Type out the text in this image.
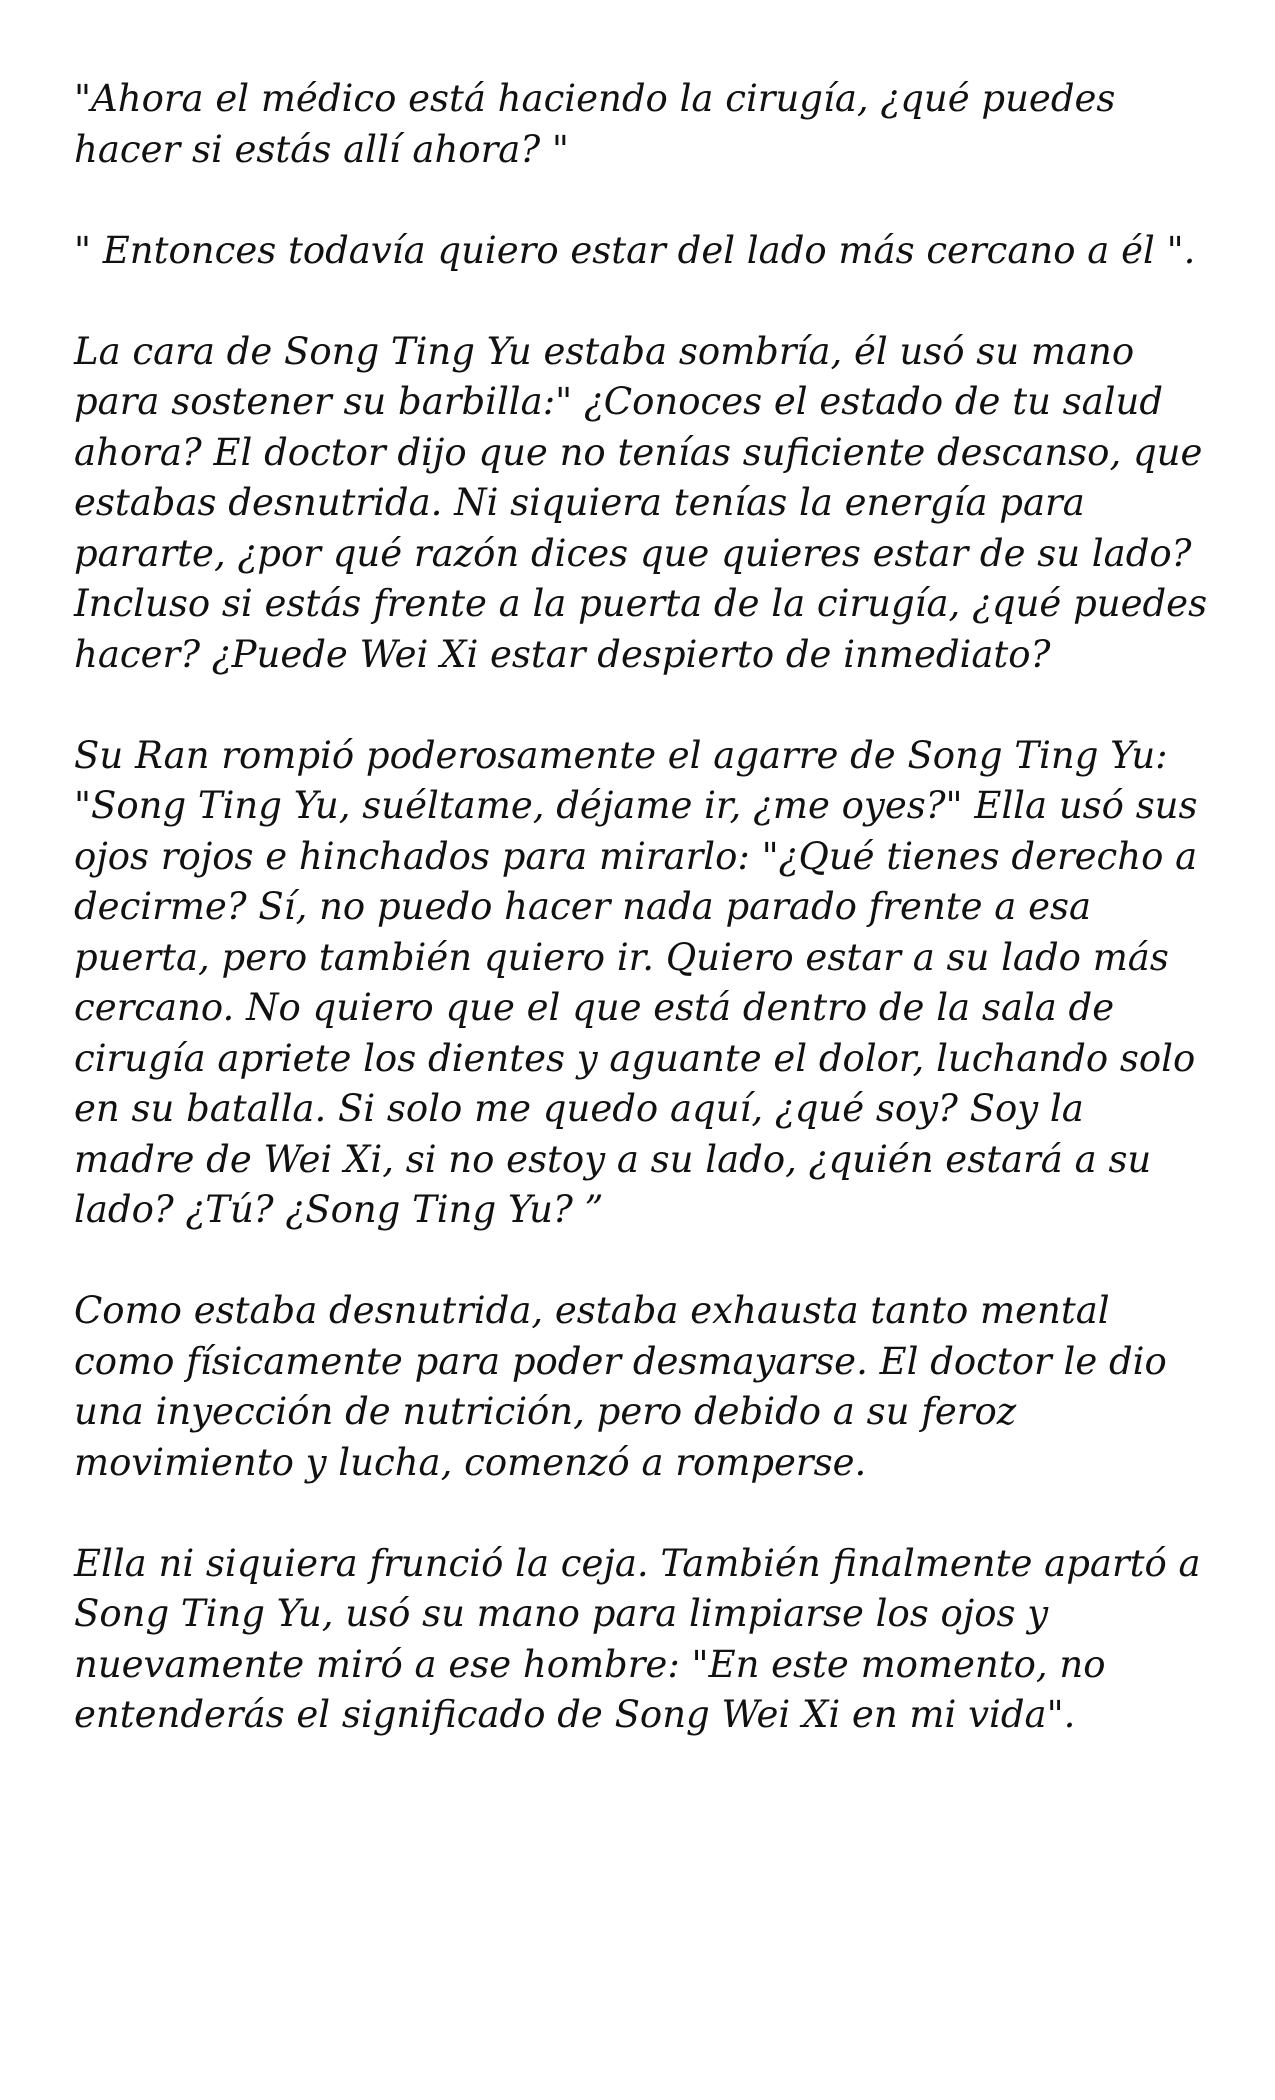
"Ahora el médico está haciendo la cirugía, ¿qué puedes hacer si estás allí ahora? "

" Entonces todavía quiero estar del lado más cercano a él ".

La cara de Song Ting Yu estaba sombría, él usó su mano para sostener su barbilla:" ¿Conoces el estado de tu salud ahora? El doctor dijo que no tenías suficiente descanso, que estabas desnutrida. Ni siquiera tenías la energía para pararte, ¿por qué razón dices que quieres estar de su lado? Incluso si estás frente a la puerta de la cirugía, ¿qué puedes hacer? ¿Puede Wei Xi estar despierto de inmediato?

Su Ran rompió poderosamente el agarre de Song Ting Yu: "Song Ting Yu, suéltame, déjame ir, ¿me oyes?" Ella usó sus ojos rojos e hinchados para mirarlo: "¿Qué tienes derecho a decirme? Sí, no puedo hacer nada parado frente a esa puerta, pero también quiero ir. Quiero estar a su lado más cercano. No quiero que el que está dentro de la sala de cirugía apriete los dientes y aguante el dolor, luchando solo en su batalla. Si solo me quedo aquí, ¿qué soy? Soy la madre de Wei Xi, si no estoy a su lado, ¿quién estará a su lado? ¿Tú? ¿Song Ting Yu? ”

Como estaba desnutrida, estaba exhausta tanto mental como físicamente para poder desmayarse. El doctor le dio una inyección de nutrición, pero debido a su feroz movimiento y lucha, comenzó a romperse.

Ella ni siquiera frunció la ceja. También finalmente apartó a Song Ting Yu, usó su mano para limpiarse los ojos y nuevamente miró a ese hombre: "En este momento, no entenderás el significado de Song Wei Xi en mi vida".
